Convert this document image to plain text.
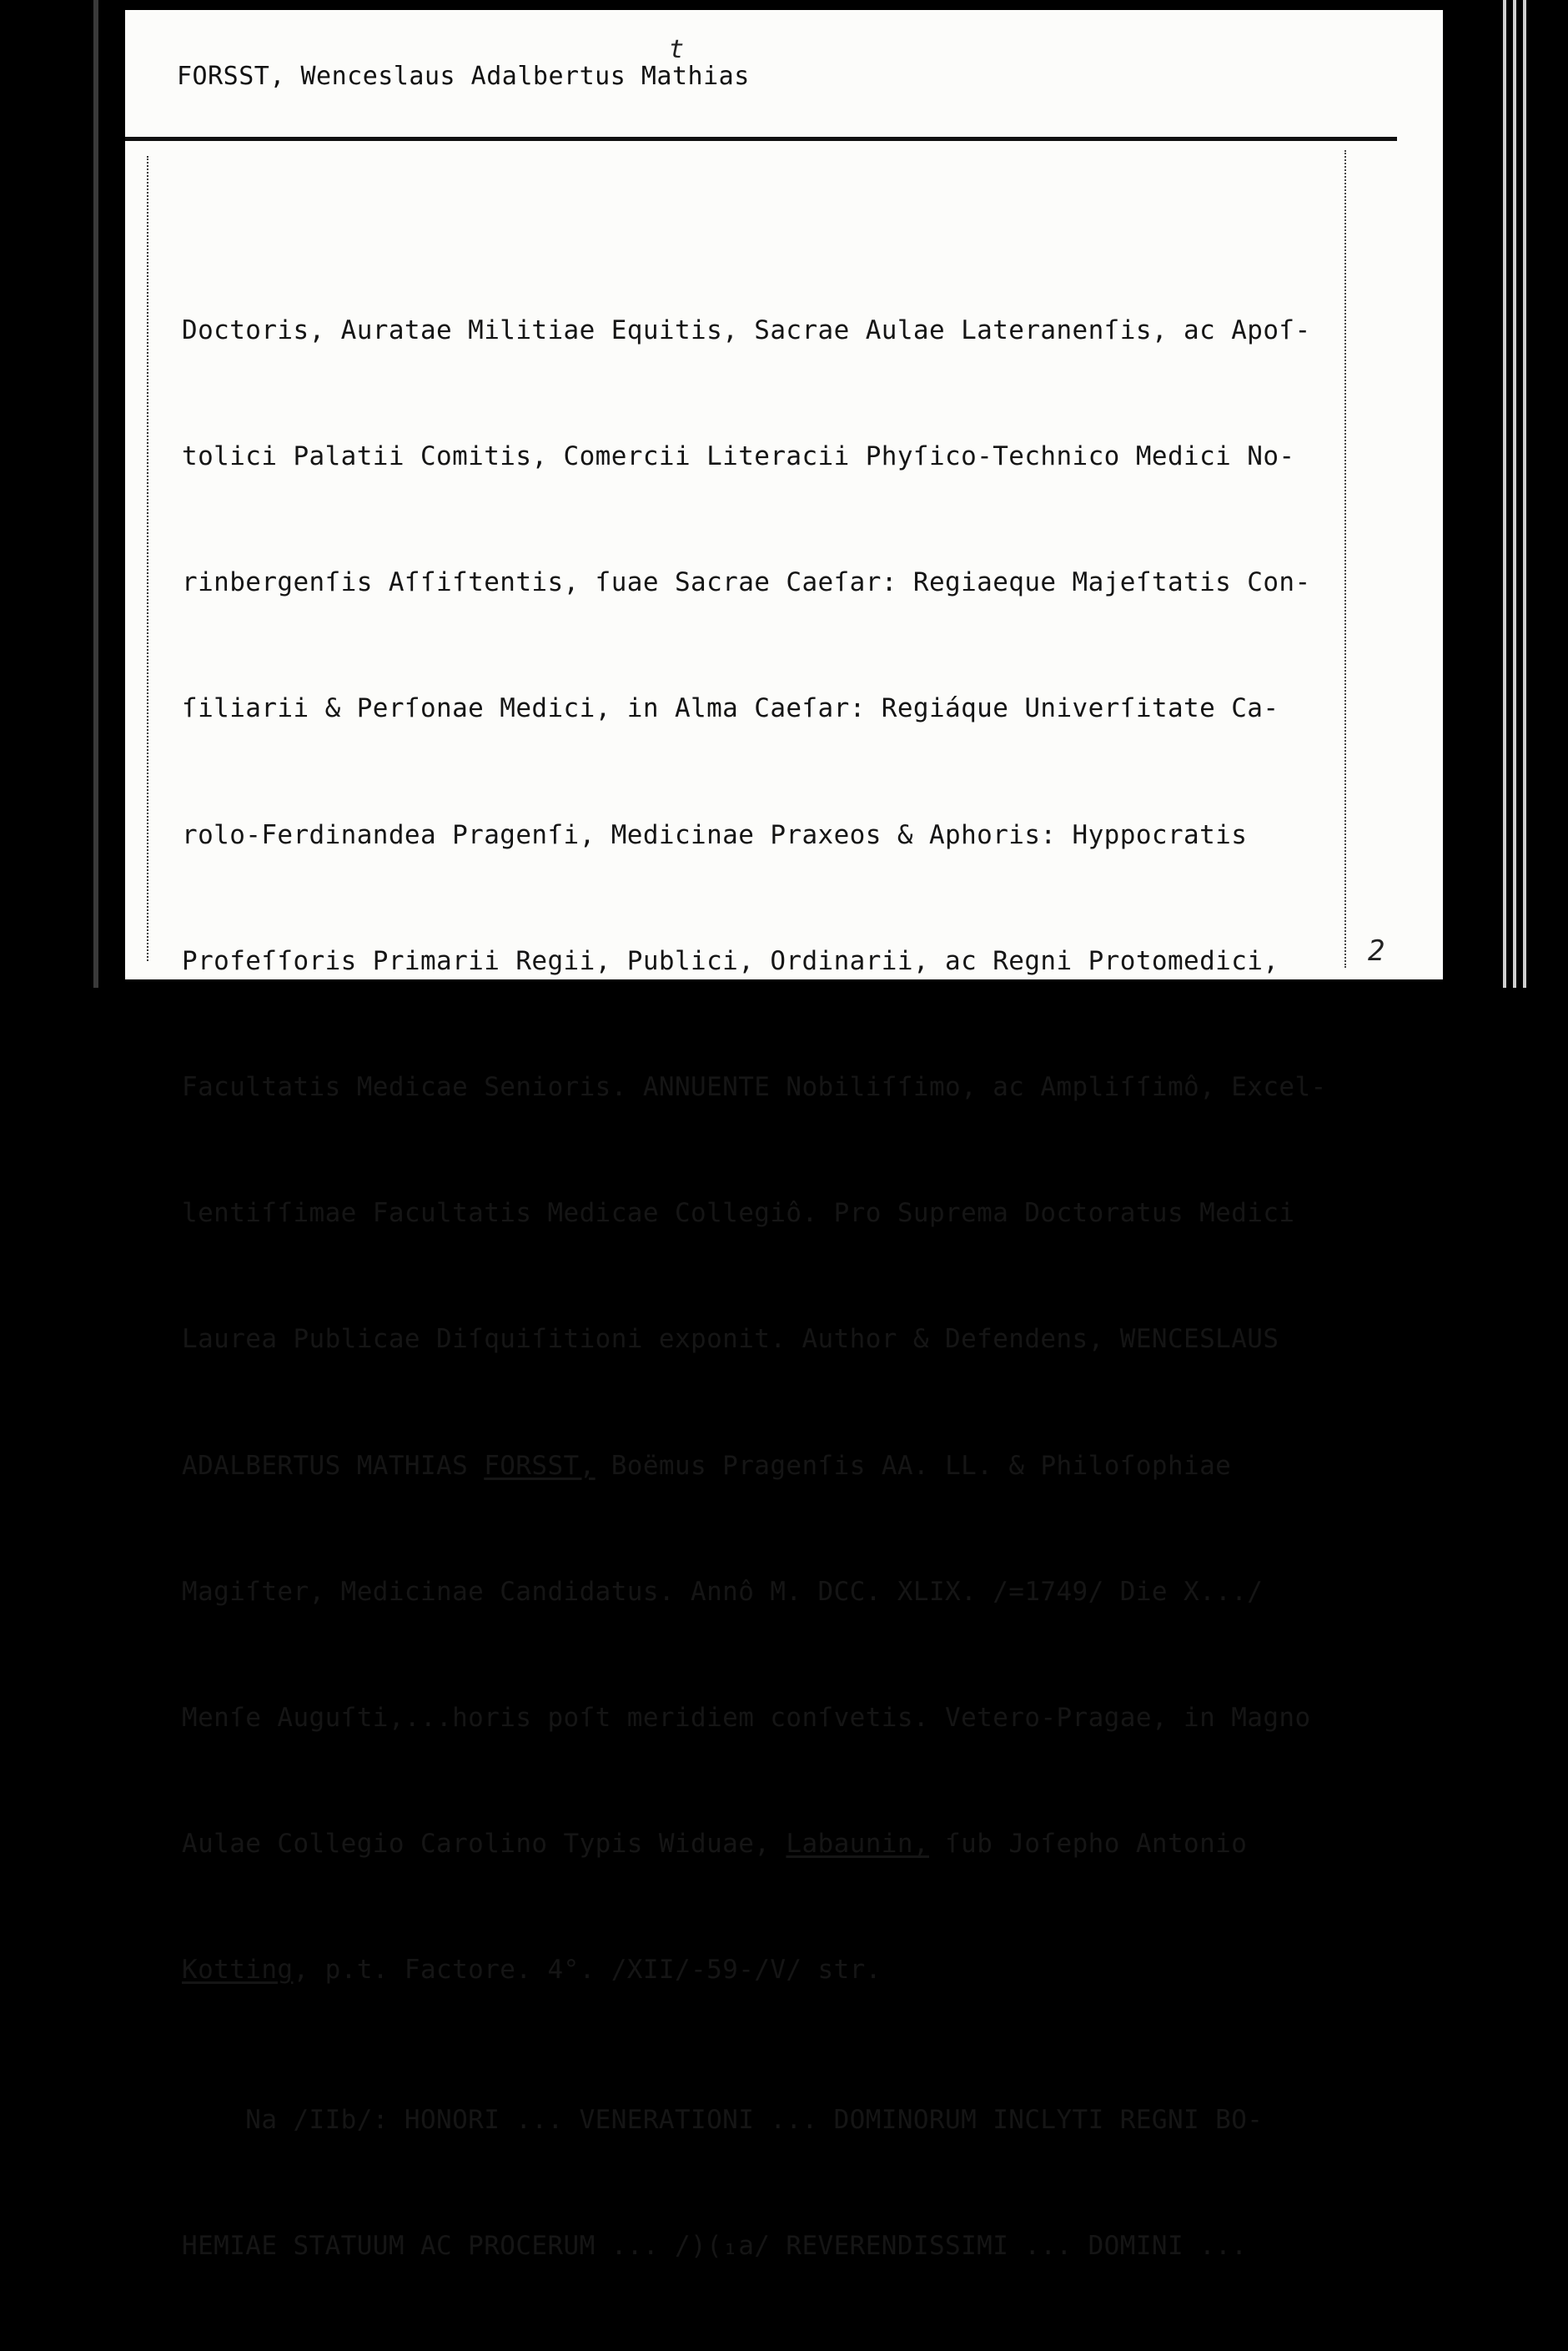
FORSST, Wenceslaus Adalbertus Mathias
t

Doctoris, Auratae Militiae Equitis, Sacrae Aulae Lateranenſis, ac Apoſ-

tolici Palatii Comitis, Comercii Literacii Phyſico-Technico Medici No-

rinbergenſis Aſſiſtentis, ſuae Sacrae Caeſar: Regiaeque Majeſtatis Con-

ſiliarii & Perſonae Medici, in Alma Caeſar: Regiáque Univerſitate Ca-

rolo-Ferdinandea Pragenſi, Medicinae Praxeos & Aphoris: Hyppocratis

Profeſſoris Primarii Regii, Publici, Ordinarii, ac Regni Protomedici,

Facultatis Medicae Senioris. ANNUENTE Nobiliſſimo, ac Ampliſſimô, Excel-

lentiſſimae Facultatis Medicae Collegiô. Pro Suprema Doctoratus Medici

Laurea Publicae Diſquiſitioni exponit. Author & Defendens, WENCESLAUS

ADALBERTUS MATHIAS FORSST, Boëmus Pragenſis AA. LL. & Philoſophiae

Magiſter, Medicinae Candidatus. Annô M. DCC. XLIX. /=1749/ Die X.../

Menſe Auguſti,...horis poſt meridiem conſvetis. Vetero-Pragae, in Magno

Aulae Collegio Carolino Typis Widuae, Labaunin, ſub Joſepho Antonio

Kotting, p.t. Factore. 4°. /XII/-59-/V/ str.

Na /IIb/: HONORI ... VENERATIONI ... DOMINORUM INCLYTI REGNI BO-

HEMIAE STATUUM AC PROCERUM ... /)(₁a/ REVERENDISSIMI ... DOMINI ...

2
